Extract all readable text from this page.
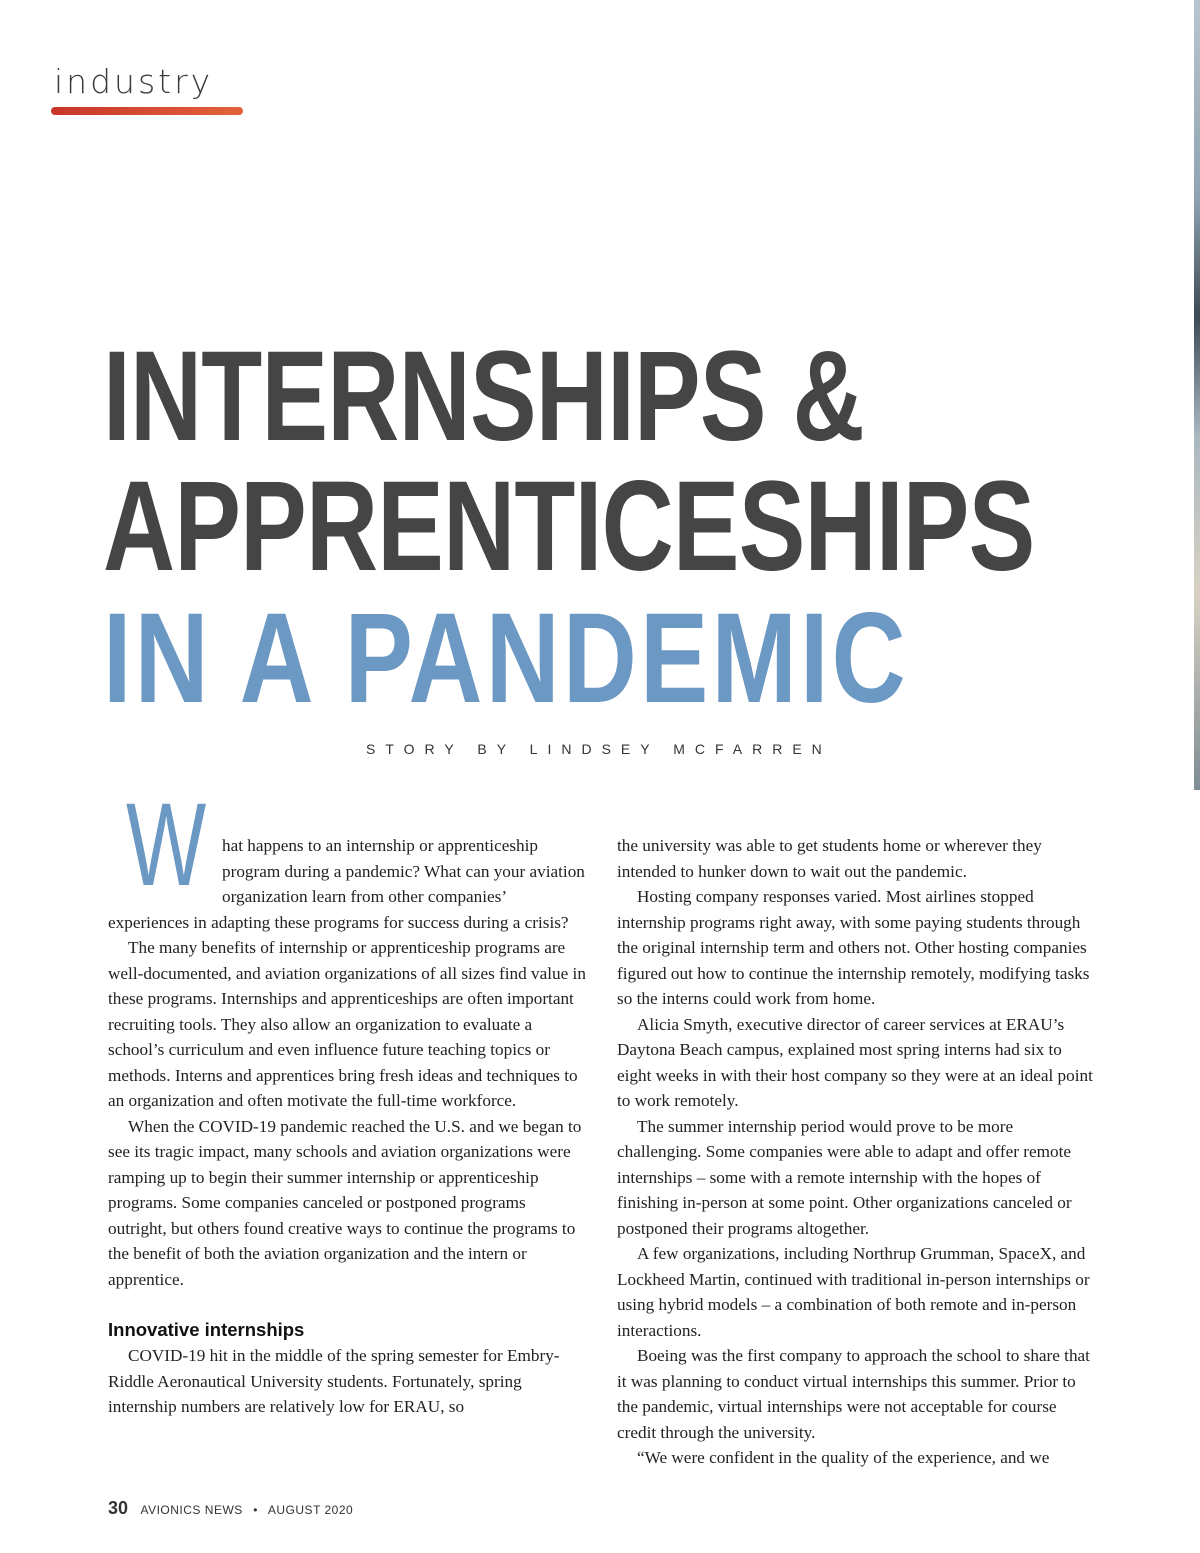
industry
INTERNSHIPS &
APPRENTICESHIPS
IN A PANDEMIC
STORY BY LINDSEY MCFARREN

What happens to an internship or apprenticeship program during a pandemic? What can your aviation organization learn from other companies’ experiences in adapting these programs for success during a crisis?

The many benefits of internship or apprenticeship programs are well-documented, and aviation organizations of all sizes find value in these programs. Internships and apprenticeships are often important recruiting tools. They also allow an organization to evaluate a school’s curriculum and even influence future teaching topics or methods. Interns and apprentices bring fresh ideas and techniques to an organization and often motivate the full-time workforce.

When the COVID-19 pandemic reached the U.S. and we began to see its tragic impact, many schools and aviation organizations were ramping up to begin their summer internship or apprenticeship programs. Some companies canceled or postponed programs outright, but others found creative ways to continue the programs to the benefit of both the aviation organization and the intern or apprentice.

Innovative internships

COVID-19 hit in the middle of the spring semester for Embry-Riddle Aeronautical University students. Fortunately, spring internship numbers are relatively low for ERAU, so

the university was able to get students home or wherever they intended to hunker down to wait out the pandemic.

Hosting company responses varied. Most airlines stopped internship programs right away, with some paying students through the original internship term and others not. Other hosting companies figured out how to continue the internship remotely, modifying tasks so the interns could work from home.

Alicia Smyth, executive director of career services at ERAU’s Daytona Beach campus, explained most spring interns had six to eight weeks in with their host company so they were at an ideal point to work remotely.

The summer internship period would prove to be more challenging. Some companies were able to adapt and offer remote internships – some with a remote internship with the hopes of finishing in-person at some point. Other organizations canceled or postponed their programs altogether.

A few organizations, including Northrup Grumman, SpaceX, and Lockheed Martin, continued with traditional in-person internships or using hybrid models – a combination of both remote and in-person interactions.

Boeing was the first company to approach the school to share that it was planning to conduct virtual internships this summer. Prior to the pandemic, virtual internships were not acceptable for course credit through the university.

“We were confident in the quality of the experience, and we

30 AVIONICS NEWS • AUGUST 2020
